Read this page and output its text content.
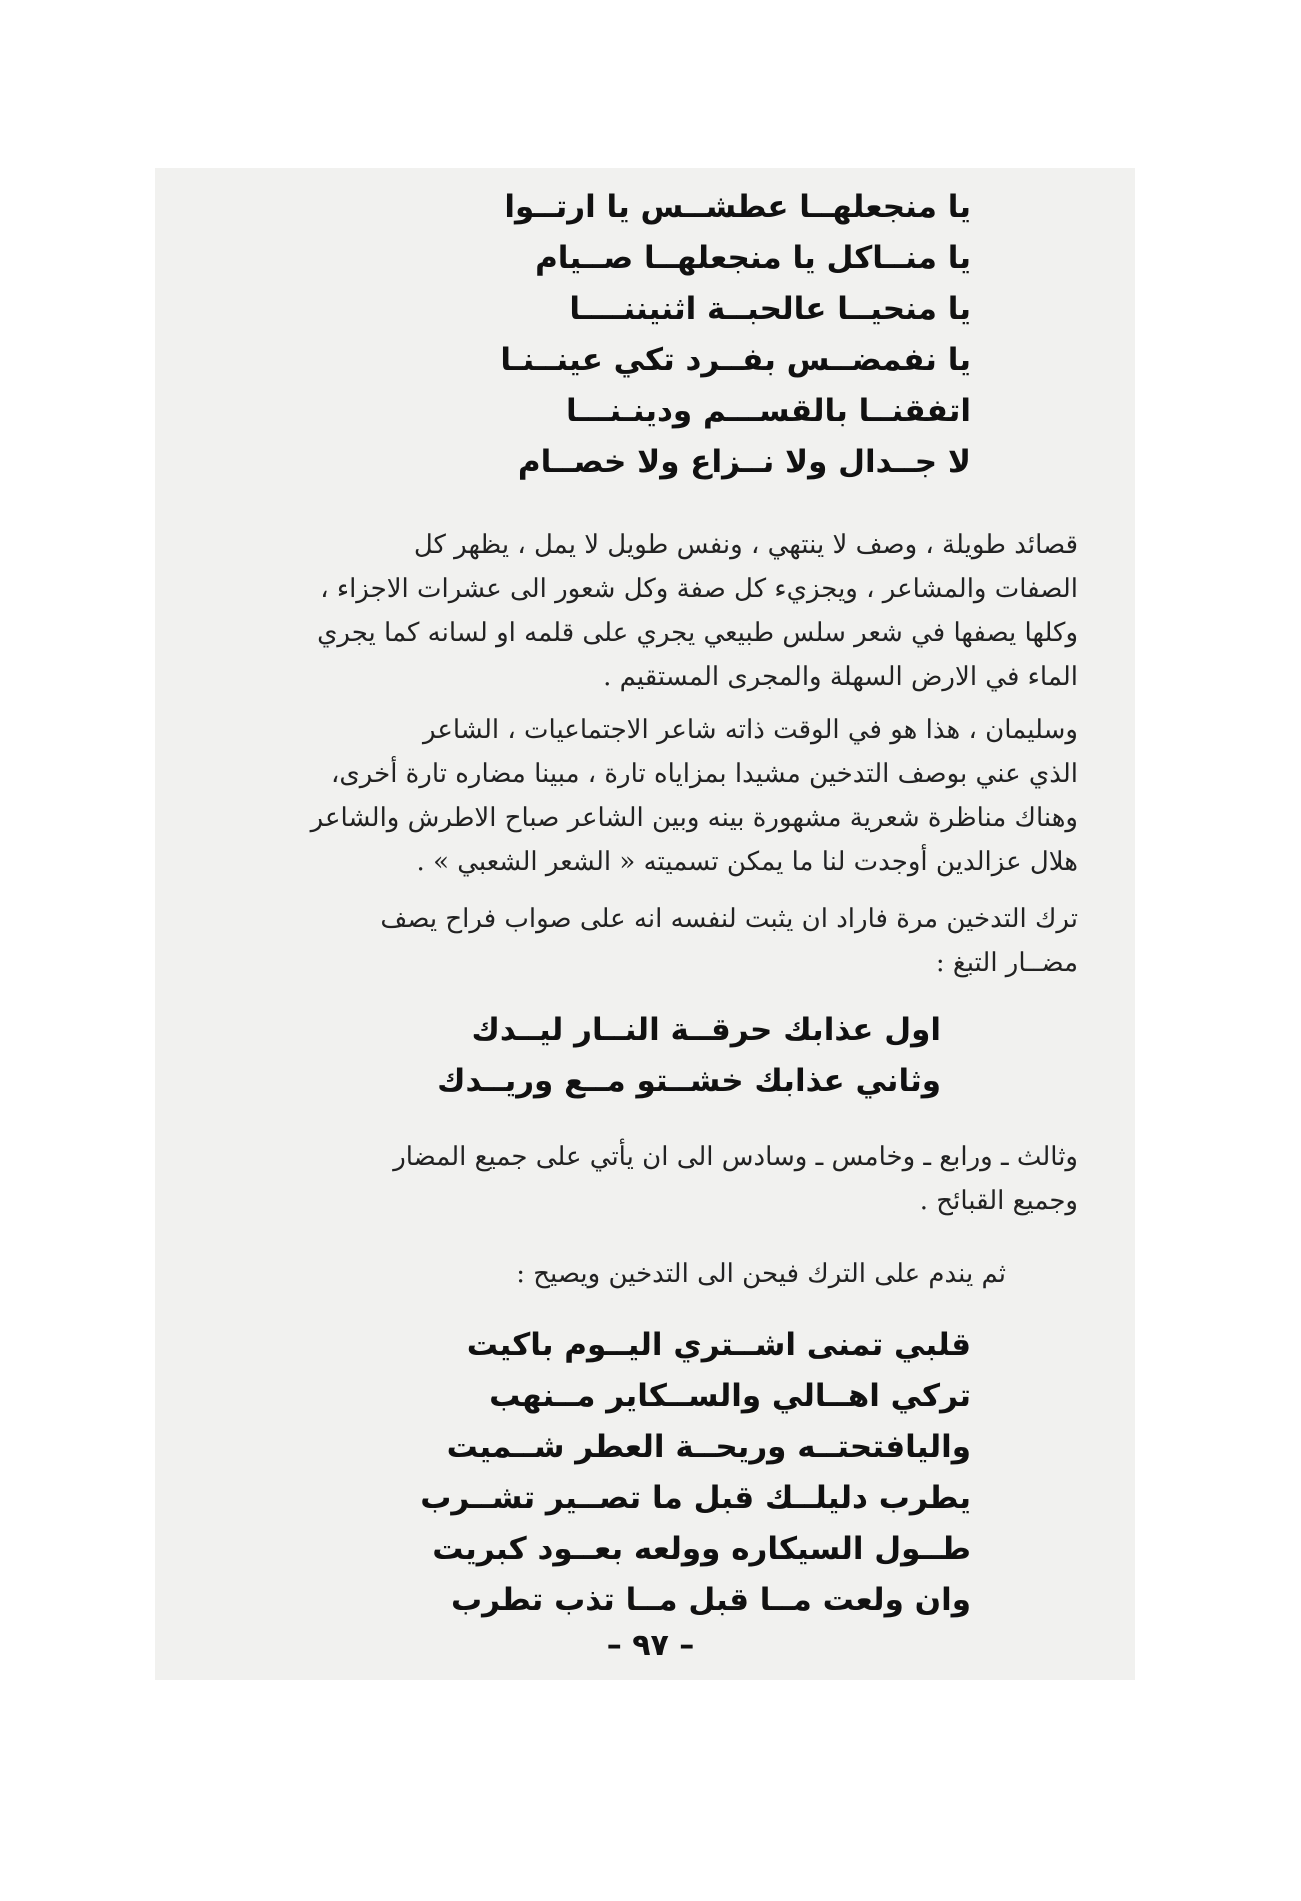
يا منجعلهــا عطشــس يا ارتــوا
يا منــاكل يا منجعلهــا صــيام
يا منحيــا عالحبــة اثنيننــــا
يا نفمضــس بفــرد تكي عينــنـا
اتفقنــا بالقســـم ودينـنـــا
لا جــدال ولا نــزاع ولا خصــام
قصائد طويلة ، وصف لا ينتهي ، ونفس طويل لا يمل ، يظهر كل
الصفات والمشاعر ، ويجزيء كل صفة وكل شعور الى عشرات الاجزاء ،
وكلها يصفها في شعر سلس طبيعي يجري على قلمه او لسانه كما يجري
الماء في الارض السهلة والمجرى المستقيم .
وسليمان ، هذا هو في الوقت ذاته شاعر الاجتماعيات ، الشاعر
الذي عني بوصف التدخين مشيدا بمزاياه تارة ، مبينا مضاره تارة أخرى،
وهناك مناظرة شعرية مشهورة بينه وبين الشاعر صباح الاطرش والشاعر
هلال عزالدين أوجدت لنا ما يمكن تسميته « الشعر الشعبي » .
ترك التدخين مرة فاراد ان يثبت لنفسه انه على صواب فراح يصف
مضــار التبغ :
اول عذابك حرقــة النــار ليــدك
وثاني عذابك خشــتو مــع وريــدك
وثالث ـ ورابع ـ وخامس ـ وسادس الى ان يأتي على جميع المضار
وجميع القبائح .
ثم يندم على الترك فيحن الى التدخين ويصيح :
قلبي تمنى اشــتري اليــوم باكيت
تركي اهــالي والســكاير مــنهب
واليافتحتــه وريحــة العطر شــميت
يطرب دليلــك قبل ما تصــير تشــرب
طــول السيكاره وولعه بعــود كبريت
وان ولعت مــا قبل مــا تذب تطرب
– ٩٧ –
